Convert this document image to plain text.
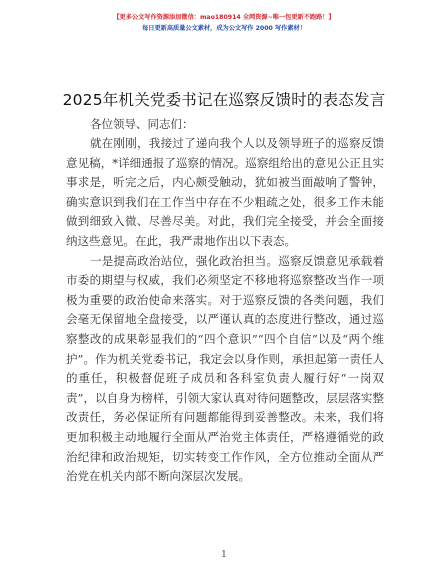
【更多公文写作资源添加微信：mao180914 全网资源~唯一包更新不跑路！】
每日更新高质量公文素材，成为公文写作 2000 写作素材！
2025年机关党委书记在巡察反馈时的表态发言

各位领导、同志们：

就在刚刚，我接过了递向我个人以及领导班子的巡察反馈意见稿，*详细通报了巡察的情况。巡察组给出的意见公正且实事求是，听完之后，内心颇受触动，犹如被当面敲响了警钟，确实意识到我们在工作当中存在不少粗疏之处，很多工作未能做到细致入微、尽善尽美。对此，我们完全接受，并会全面接纳这些意见。在此，我严肃地作出以下表态。

一是提高政治站位，强化政治担当。巡察反馈意见承载着市委的期望与权威，我们必须坚定不移地将巡察整改当作一项极为重要的政治使命来落实。对于巡察反馈的各类问题，我们会毫无保留地全盘接受，以严谨认真的态度进行整改，通过巡察整改的成果彰显我们的“四个意识”“四个自信”以及“两个维护”。作为机关党委书记，我定会以身作则，承担起第一责任人的重任，积极督促班子成员和各科室负责人履行好“一岗双责”，以自身为榜样，引领大家认真对待问题整改，层层落实整改责任，务必保证所有问题都能得到妥善整改。未来，我们将更加积极主动地履行全面从严治党主体责任，严格遵循党的政治纪律和政治规矩，切实转变工作作风，全方位推动全面从严治党在机关内部不断向深层次发展。

1
